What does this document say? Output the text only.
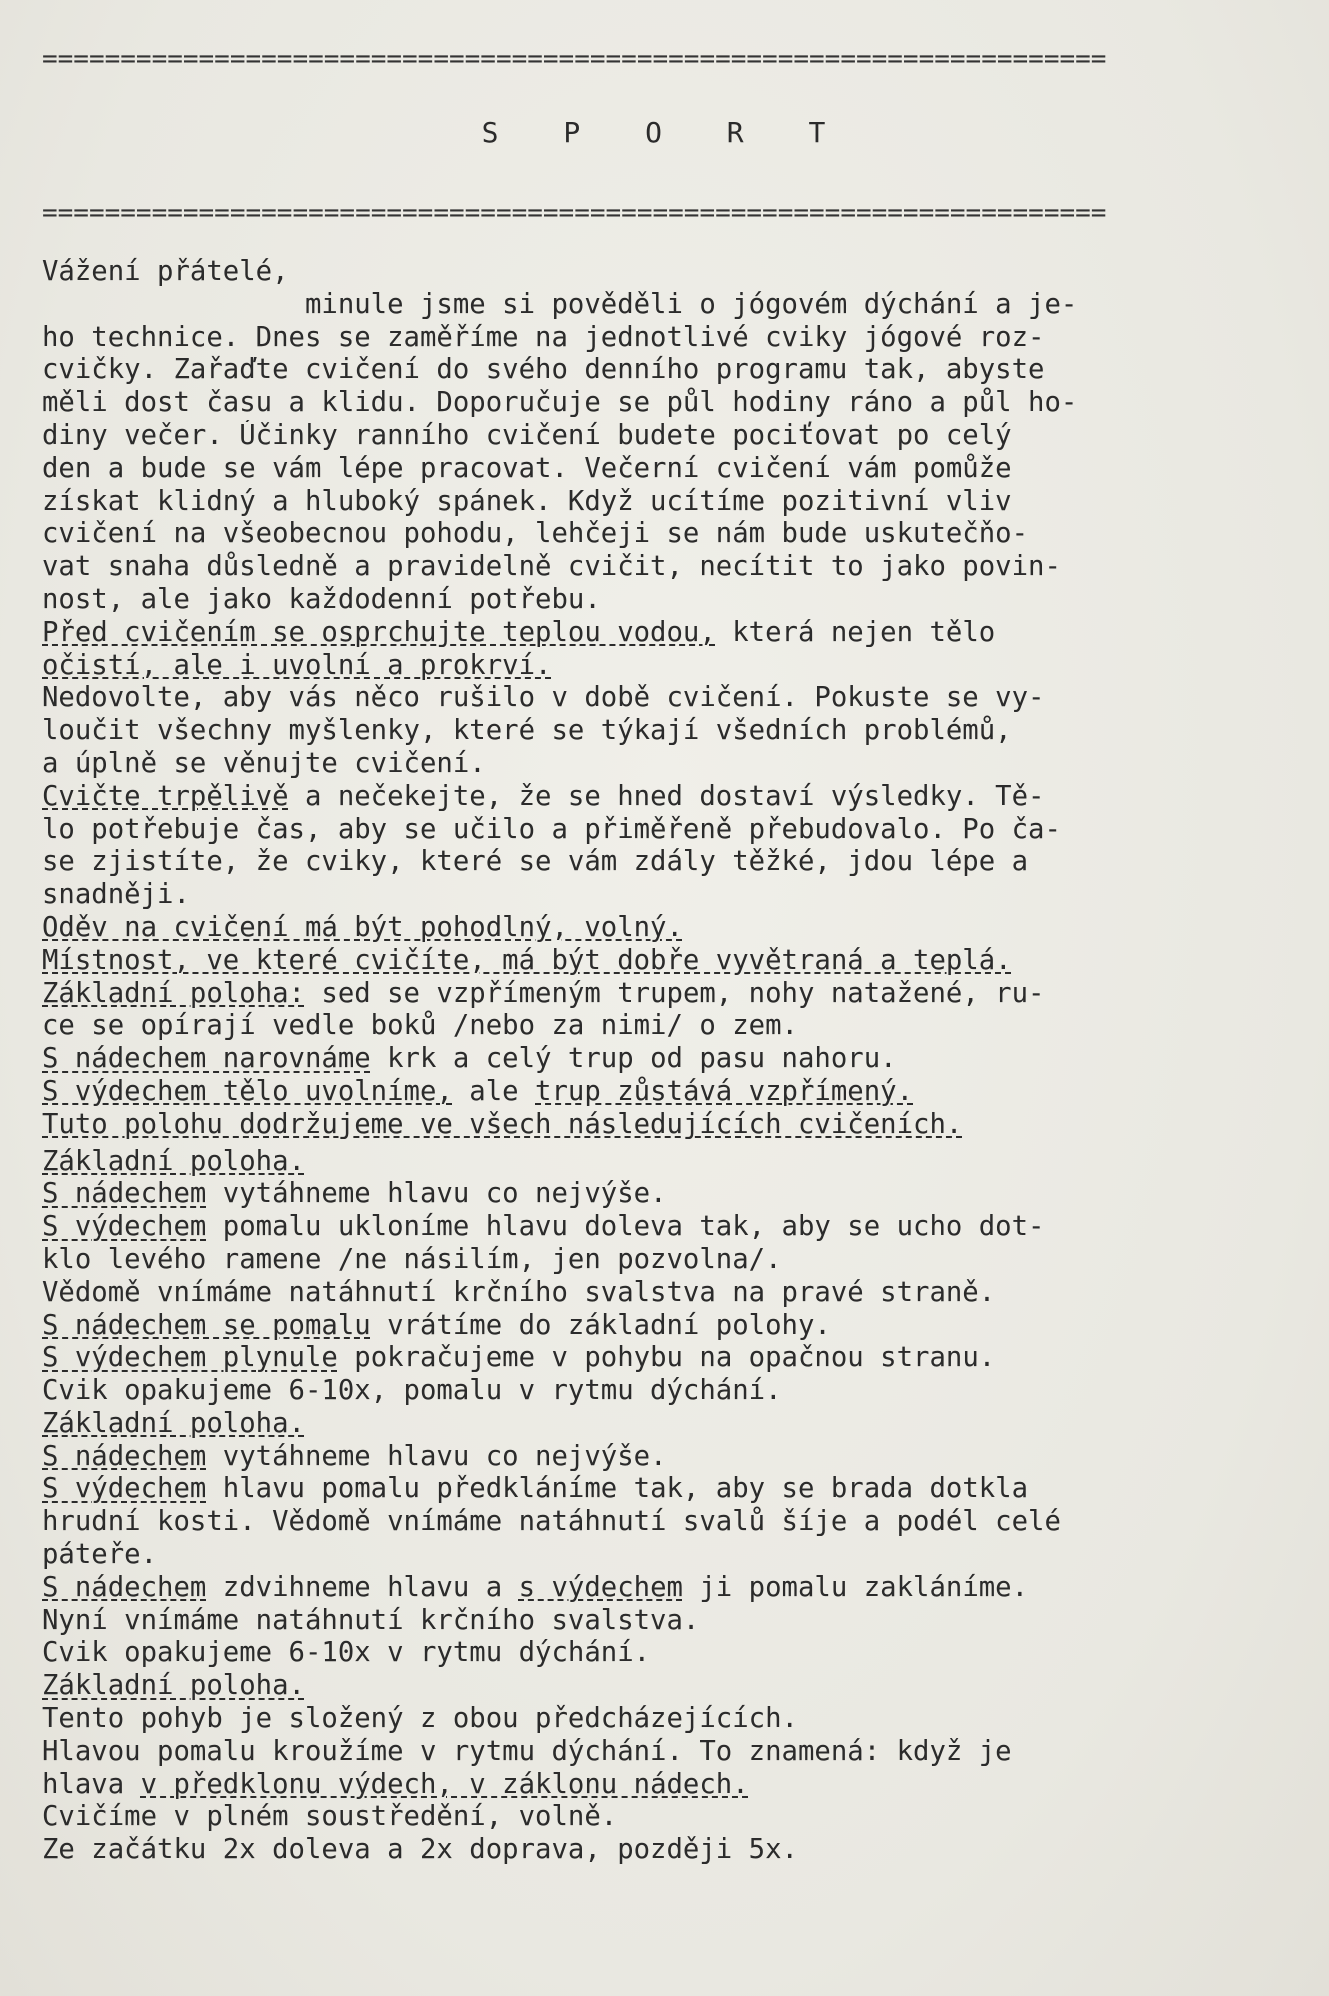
====================================================================
S P O R T
====================================================================
Vážení přátelé,
minule jsme si pověděli o jógovém dýchání a je-
ho technice. Dnes se zaměříme na jednotlivé cviky jógové roz-
cvičky. Zařaďte cvičení do svého denního programu tak, abyste
měli dost času a klidu. Doporučuje se půl hodiny ráno a půl ho-
diny večer. Účinky ranního cvičení budete pociťovat po celý
den a bude se vám lépe pracovat. Večerní cvičení vám pomůže
získat klidný a hluboký spánek. Když ucítíme pozitivní vliv
cvičení na všeobecnou pohodu, lehčeji se nám bude uskutečňo-
vat snaha důsledně a pravidelně cvičit, necítit to jako povin-
nost, ale jako každodenní potřebu.
Před cvičením se osprchujte teplou vodou, která nejen tělo
očistí, ale i uvolní a prokrví.
Nedovolte, aby vás něco rušilo v době cvičení. Pokuste se vy-
loučit všechny myšlenky, které se týkají všedních problémů,
a úplně se věnujte cvičení.
Cvičte trpělivě a nečekejte, že se hned dostaví výsledky. Tě-
lo potřebuje čas, aby se učilo a přiměřeně přebudovalo. Po ča-
se zjistíte, že cviky, které se vám zdály těžké, jdou lépe a
snadněji.
Oděv na cvičení má být pohodlný, volný.
Místnost, ve které cvičíte, má být dobře vyvětraná a teplá.
Základní poloha: sed se vzpřímeným trupem, nohy natažené, ru-
ce se opírají vedle boků /nebo za nimi/ o zem.
S nádechem narovnáme krk a celý trup od pasu nahoru.
S výdechem tělo uvolníme, ale trup zůstává vzpřímený.
Tuto polohu dodržujeme ve všech následujících cvičeních.
Základní poloha.
S nádechem vytáhneme hlavu co nejvýše.
S výdechem pomalu ukloníme hlavu doleva tak, aby se ucho dot-
klo levého ramene /ne násilím, jen pozvolna/.
Vědomě vnímáme natáhnutí krčního svalstva na pravé straně.
S nádechem se pomalu vrátíme do základní polohy.
S výdechem plynule pokračujeme v pohybu na opačnou stranu.
Cvik opakujeme 6-10x, pomalu v rytmu dýchání.
Základní poloha.
S nádechem vytáhneme hlavu co nejvýše.
S výdechem hlavu pomalu předkláníme tak, aby se brada dotkla
hrudní kosti. Vědomě vnímáme natáhnutí svalů šíje a podél celé
páteře.
S nádechem zdvihneme hlavu a s výdechem ji pomalu zakláníme.
Nyní vnímáme natáhnutí krčního svalstva.
Cvik opakujeme 6-10x v rytmu dýchání.
Základní poloha.
Tento pohyb je složený z obou předcházejících.
Hlavou pomalu kroužíme v rytmu dýchání. To znamená: když je
hlava v předklonu výdech, v záklonu nádech.
Cvičíme v plném soustředění, volně.
Ze začátku 2x doleva a 2x doprava, později 5x.
